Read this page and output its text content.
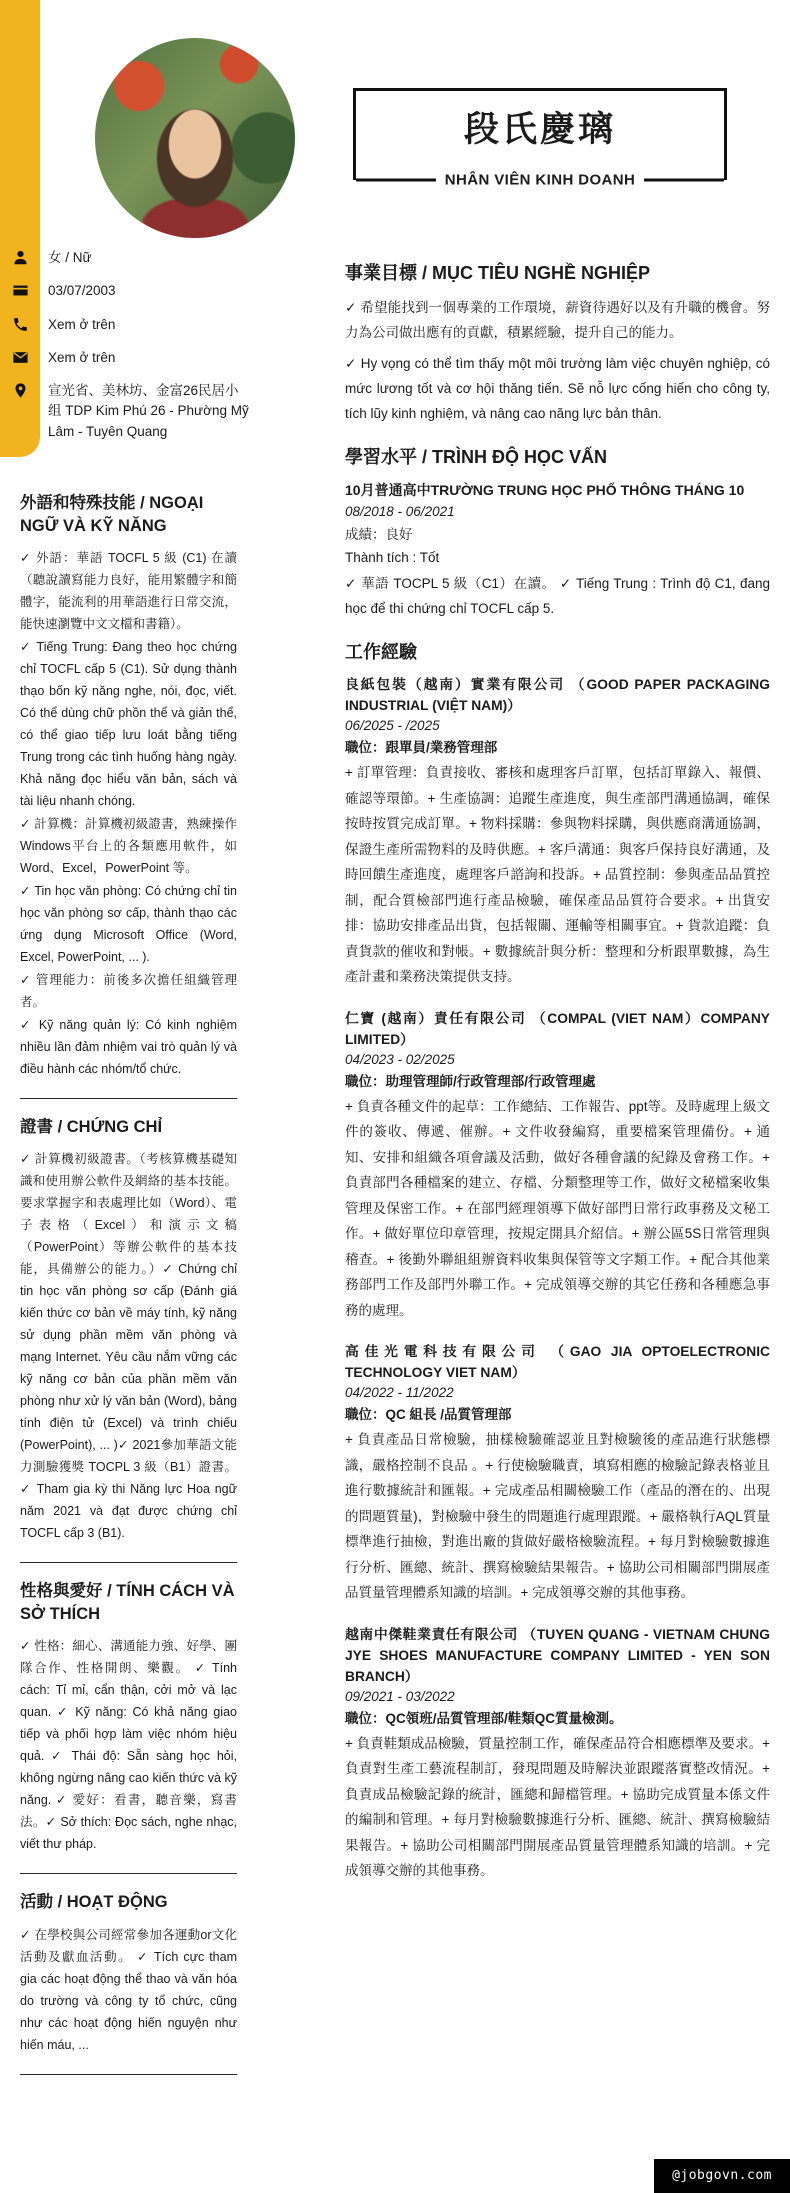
段氏慶璃
NHÂN VIÊN KINH DOANH
女 / Nữ
03/07/2003
Xem ở trên
Xem ở trên
宣光省、美林坊、金富26民居小组 TDP Kim Phú 26 - Phường Mỹ Lâm - Tuyên Quang
外語和特殊技能 / NGOẠI NGỮ VÀ KỸ NĂNG

✓ 外語：華語 TOCFL 5 級 (C1) 在讀（聽說讀寫能力良好，能用繁體字和簡體字，能流利的用華語進行日常交流，能快速瀏覽中文文檔和書籍）。

✓ Tiếng Trung: Đang theo học chứng chỉ TOCFL cấp 5 (C1). Sử dụng thành thạo bốn kỹ năng nghe, nói, đọc, viết. Có thể dùng chữ phồn thể và giản thể, có thể giao tiếp lưu loát bằng tiếng Trung trong các tình huống hàng ngày. Khả năng đọc hiểu văn bản, sách và tài liệu nhanh chóng.

✓ 計算機：計算機初級證書，熟練操作 Windows平台上的各類應用軟件，如 Word、Excel，PowerPoint 等。

✓ Tin học văn phòng: Có chứng chỉ tin học văn phòng sơ cấp, thành thạo các ứng dụng Microsoft Office (Word, Excel, PowerPoint, ... ).

✓ 管理能力：前後多次擔任組織管理者。

✓ Kỹ năng quản lý: Có kinh nghiệm nhiều lần đảm nhiệm vai trò quản lý và điều hành các nhóm/tổ chức.

證書 / CHỨNG CHỈ

✓ 計算機初級證書。（考核算機基礎知識和使用辦公軟件及網絡的基本技能。要求掌握字和表處理比如（Word）、電子表格（Excel）和演示文稿（PowerPoint）等辦公軟件的基本技能，具備辦公的能力。）✓ Chứng chỉ tin học văn phòng sơ cấp (Đánh giá kiến thức cơ bản về máy tính, kỹ năng sử dụng phần mềm văn phòng và mạng Internet. Yêu cầu nắm vững các kỹ năng cơ bản của phần mềm văn phòng như xử lý văn bản (Word), bảng tính điện tử (Excel) và trình chiếu (PowerPoint), ... )✓ 2021參加華語文能力測驗獲獎 TOCPL 3 級（B1）證書。✓ Tham gia kỳ thi Năng lực Hoa ngữ năm 2021 và đạt được chứng chỉ TOCFL cấp 3 (B1).

性格與愛好 / TÍNH CÁCH VÀ SỞ THÍCH

✓ 性格：細心、溝通能力強、好學、團隊合作、性格開朗、樂觀。 ✓ Tính cách: Tỉ mỉ, cẩn thận, cởi mở và lạc quan. ✓ Kỹ năng: Có khả năng giao tiếp và phối hợp làm việc nhóm hiệu quả. ✓ Thái độ: Sẵn sàng học hỏi, không ngừng nâng cao kiến thức và kỹ năng. ✓ 愛好：看書，聽音樂，寫書法。✓ Sở thích: Đọc sách, nghe nhạc, viết thư pháp.

活動 / HOẠT ĐỘNG

✓ 在學校與公司經常參加各運動or文化活動及獻血活動。 ✓ Tích cực tham gia các hoạt động thể thao và văn hóa do trường và công ty tổ chức, cũng như các hoạt động hiến nguyện như hiến máu, ...

事業目標 / MỤC TIÊU NGHỀ NGHIỆP

✓ 希望能找到一個專業的工作環境，薪資待遇好以及有升職的機會。努力為公司做出應有的貢獻，積累經驗，提升自己的能力。

✓ Hy vọng có thể tìm thấy một môi trường làm việc chuyên nghiệp, có mức lương tốt và cơ hội thăng tiến. Sẽ nỗ lực cống hiến cho công ty, tích lũy kinh nghiệm, và nâng cao năng lực bản thân.

學習水平 / TRÌNH ĐỘ HỌC VẤN
10月普通高中TRƯỜNG TRUNG HỌC PHỔ THÔNG THÁNG 10
08/2018 - 06/2021
成績：良好
Thành tích : Tốt

✓ 華語 TOCPL 5 級（C1）在讀。 ✓ Tiếng Trung : Trình độ C1, đang học để thi chứng chỉ TOCFL cấp 5.

工作經驗

良紙包裝（越南）實業有限公司 （GOOD PAPER PACKAGING INDUSTRIAL (VIỆT NAM)）

06/2025 - /2025
職位：跟單員/業務管理部

+ 訂單管理：負責接收、審核和處理客戶訂單，包括訂單錄入、報價、確認等環節。+ 生產協調：追蹤生產進度，與生產部門溝通協調，確保按時按質完成訂單。+ 物料採購：參與物料採購，與供應商溝通協調，保證生產所需物料的及時供應。+ 客戶溝通：與客戶保持良好溝通，及時回饋生產進度，處理客戶諮詢和投訴。+ 品質控制：參與產品品質控制，配合質檢部門進行產品檢驗，確保產品品質符合要求。+ 出貨安排：協助安排產品出貨，包括報關、運輸等相關事宜。+ 貨款追蹤：負責貨款的催收和對帳。+ 數據統計與分析：整理和分析跟單數據，為生產計畫和業務決策提供支持。

仁寶 (越南）責任有限公司 （COMPAL (VIET NAM）COMPANY LIMITED）

04/2023 - 02/2025
職位：助理管理師/行政管理部/行政管理處

+ 負責各種文件的起草：工作總結、工作報告、ppt等。及時處理上級文件的簽收、傳遞、催辦。+ 文件收發編寫，重要檔案管理備份。+ 通知、安排和組織各項會議及活動，做好各種會議的紀錄及會務工作。+ 負責部門各種檔案的建立、存檔、分類整理等工作，做好文秘檔案收集管理及保密工作。+ 在部門經理領導下做好部門日常行政事務及文秘工作。+ 做好單位印章管理，按規定開具介紹信。+ 辦公區5S日常管理與稽查。+ 後勤外聯組組辦資料收集與保管等文字類工作。+ 配合其他業務部門工作及部門外聯工作。+ 完成領導交辦的其它任務和各種應急事務的處理。

高佳光電科技有限公司 （GAO JIA OPTOELECTRONIC TECHNOLOGY VIET NAM）

04/2022 - 11/2022
職位：QC 組長 /品質管理部

+ 負責產品日常檢驗，抽樣檢驗確認並且對檢驗後的產品進行狀態標識，嚴格控制不良品 。+ 行使檢驗職責，填寫相應的檢驗記錄表格並且進行數據統計和匯報。+ 完成產品相關檢驗工作（產品的潛在的、出現的問題質量)，對檢驗中發生的問題進行處理跟蹤。+ 嚴格執行AQL質量標準進行抽檢，對進出廠的貨做好嚴格檢驗流程。+ 每月對檢驗數據進行分析、匯總、統計、撰寫檢驗結果報告。+ 協助公司相關部門開展產品質量管理體系知識的培訓。+ 完成領導交辦的其他事務。

越南中傑鞋業責任有限公司 （TUYEN QUANG - VIETNAM CHUNG JYE SHOES MANUFACTURE COMPANY LIMITED - YEN SON BRANCH）

09/2021 - 03/2022
職位：QC領班/品質管理部/鞋類QC質量檢測。

+ 負責鞋類成品檢驗，質量控制工作，確保產品符合相應標準及要求。+ 負責對生產工藝流程制訂，發現問題及時解決並跟蹤落實整改情況。+ 負責成品檢驗記錄的統計，匯總和歸檔管理。+ 協助完成質量本係文件的編制和管理。+ 每月對檢驗數據進行分析、匯總、統計、撰寫檢驗結果報告。+ 協助公司相關部門開展產品質量管理體系知識的培訓。+ 完成領導交辦的其他事務。

@jobgovn.com
